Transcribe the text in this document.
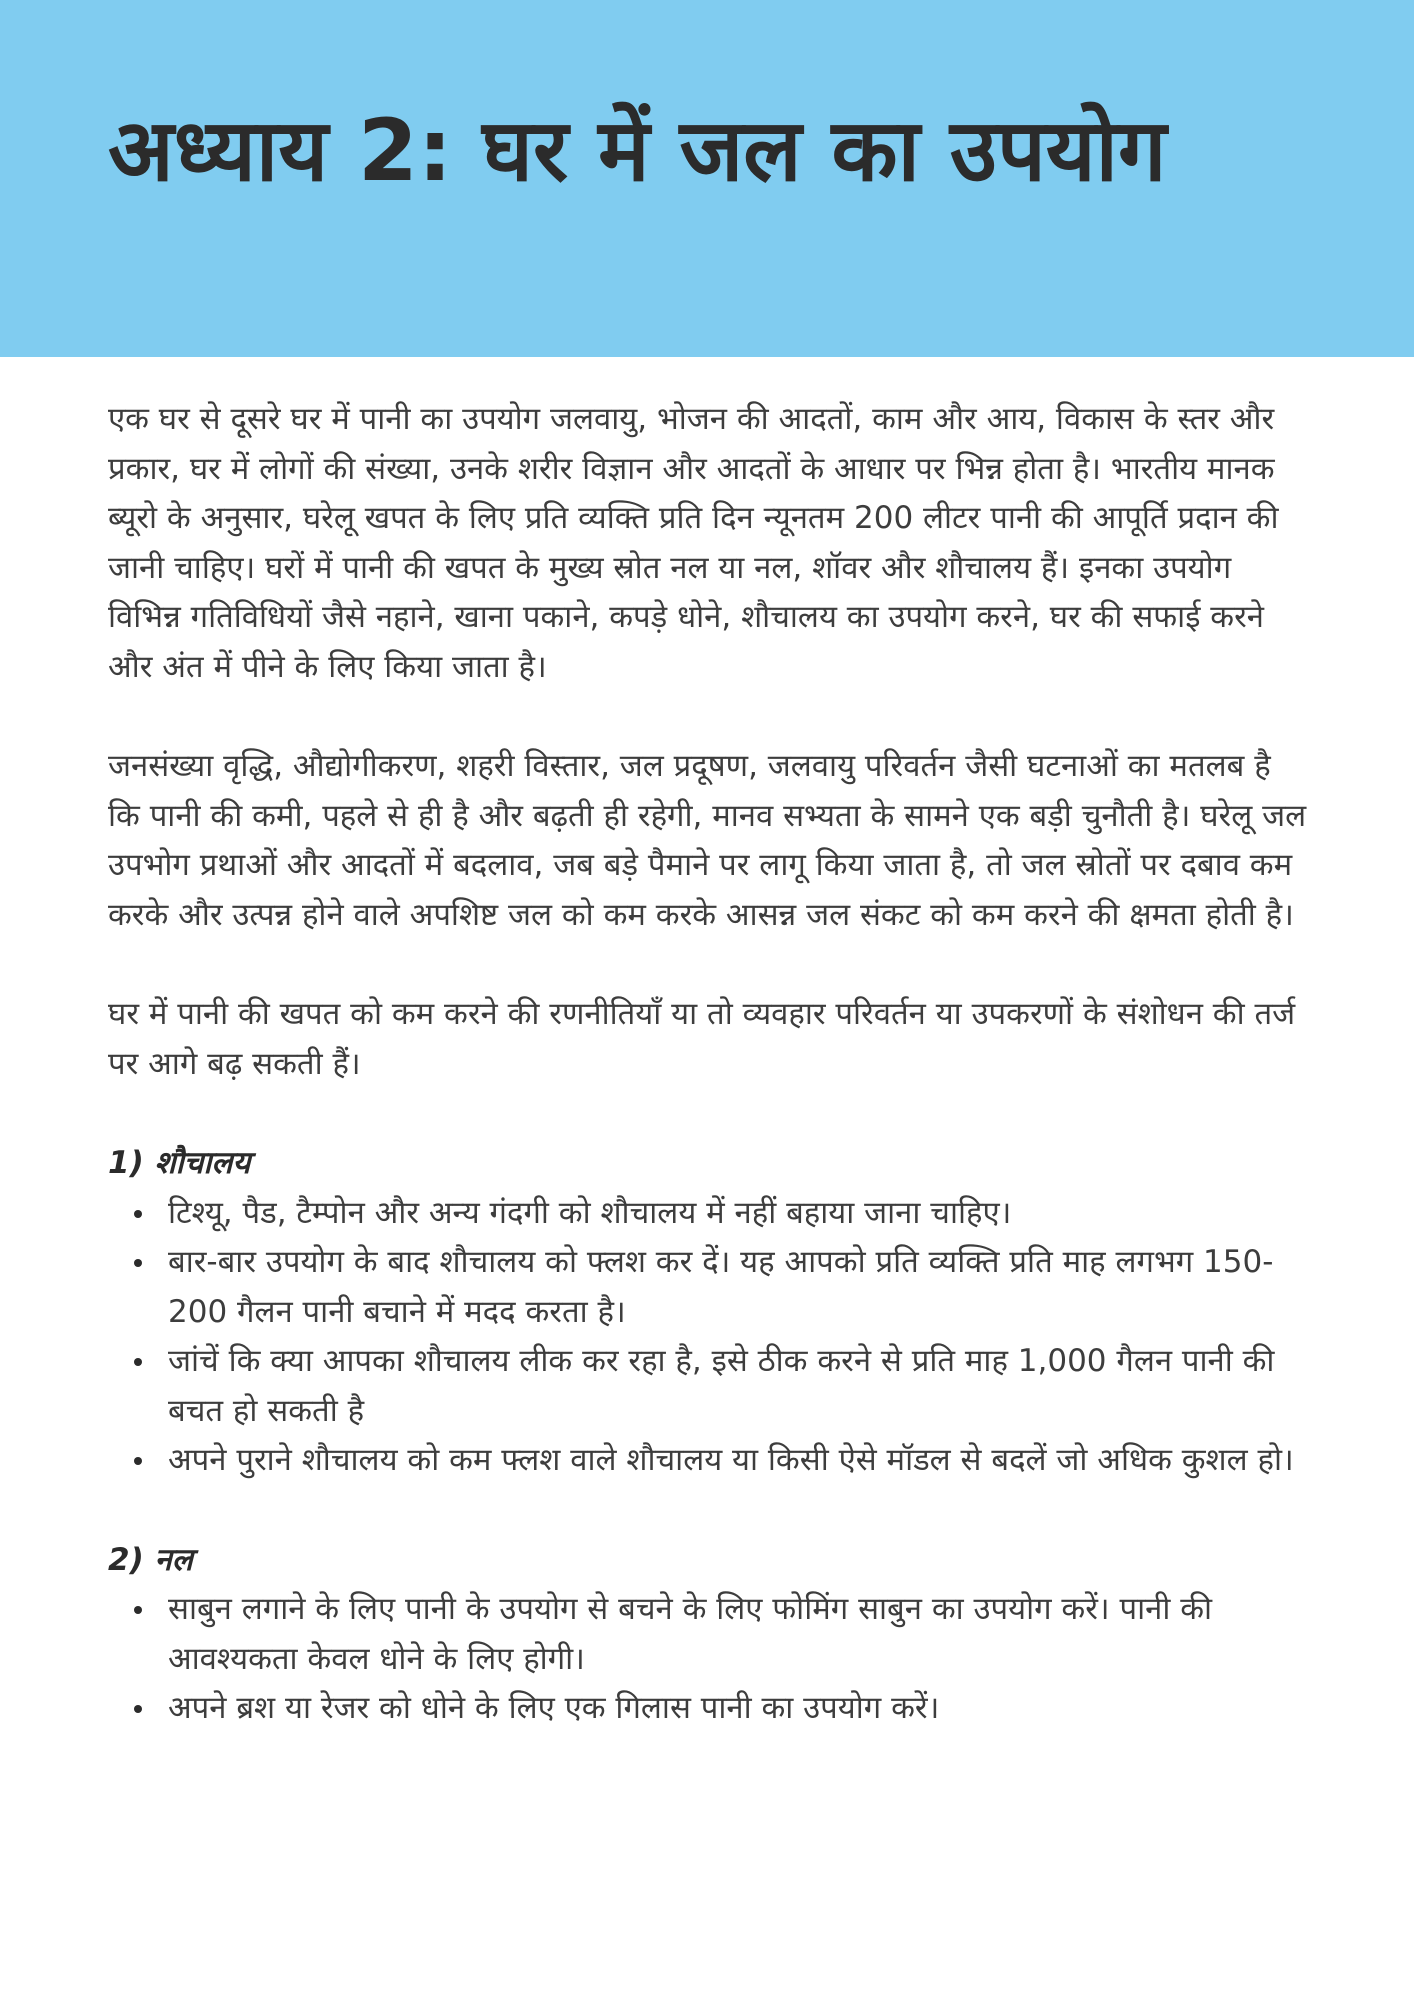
अध्याय 2: घर में जल का उपयोग

एक घर से दूसरे घर में पानी का उपयोग जलवायु, भोजन की आदतों, काम और आय, विकास के स्तर और प्रकार, घर में लोगों की संख्या, उनके शरीर विज्ञान और आदतों के आधार पर भिन्न होता है। भारतीय मानक ब्यूरो के अनुसार, घरेलू खपत के लिए प्रति व्यक्ति प्रति दिन न्यूनतम 200 लीटर पानी की आपूर्ति प्रदान की जानी चाहिए। घरों में पानी की खपत के मुख्य स्रोत नल या नल, शॉवर और शौचालय हैं। इनका उपयोग विभिन्न गतिविधियों जैसे नहाने, खाना पकाने, कपड़े धोने, शौचालय का उपयोग करने, घर की सफाई करने और अंत में पीने के लिए किया जाता है।

जनसंख्या वृद्धि, औद्योगीकरण, शहरी विस्तार, जल प्रदूषण, जलवायु परिवर्तन जैसी घटनाओं का मतलब है कि पानी की कमी, पहले से ही है और बढ़ती ही रहेगी, मानव सभ्यता के सामने एक बड़ी चुनौती है। घरेलू जल उपभोग प्रथाओं और आदतों में बदलाव, जब बड़े पैमाने पर लागू किया जाता है, तो जल स्रोतों पर दबाव कम करके और उत्पन्न होने वाले अपशिष्ट जल को कम करके आसन्न जल संकट को कम करने की क्षमता होती है।

घर में पानी की खपत को कम करने की रणनीतियाँ या तो व्यवहार परिवर्तन या उपकरणों के संशोधन की तर्ज पर आगे बढ़ सकती हैं।

1) शौचालय
टिश्यू, पैड, टैम्पोन और अन्य गंदगी को शौचालय में नहीं बहाया जाना चाहिए।
बार-बार उपयोग के बाद शौचालय को फ्लश कर दें। यह आपको प्रति व्यक्ति प्रति माह लगभग 150-200 गैलन पानी बचाने में मदद करता है।
जांचें कि क्या आपका शौचालय लीक कर रहा है, इसे ठीक करने से प्रति माह 1,000 गैलन पानी की बचत हो सकती है
अपने पुराने शौचालय को कम फ्लश वाले शौचालय या किसी ऐसे मॉडल से बदलें जो अधिक कुशल हो।
2) नल
साबुन लगाने के लिए पानी के उपयोग से बचने के लिए फोमिंग साबुन का उपयोग करें। पानी की आवश्यकता केवल धोने के लिए होगी।
अपने ब्रश या रेजर को धोने के लिए एक गिलास पानी का उपयोग करें।
